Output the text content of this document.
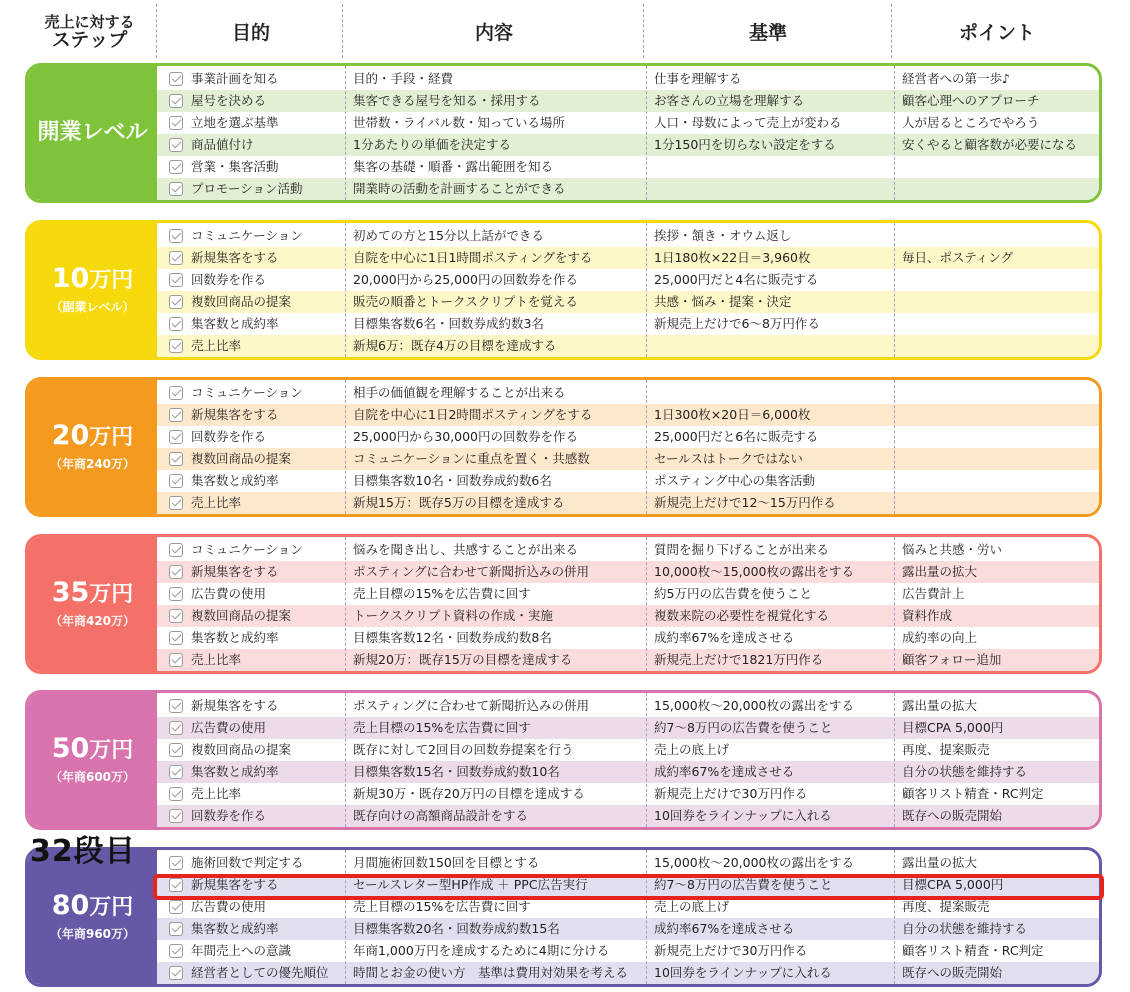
売上に対する
ステップ	目的	内容	基準	ポイント
開業レベル
事業計画を知る	目的・手段・経費	仕事を理解する	経営者への第一歩♪
屋号を決める	集客できる屋号を知る・採用する	お客さんの立場を理解する	顧客心理へのアプローチ
立地を選ぶ基準	世帯数・ライバル数・知っている場所	人口・母数によって売上が変わる	人が居るところでやろう
商品値付け	1分あたりの単価を決定する	1分150円を切らない設定をする	安くやると顧客数が必要になる
営業・集客活動	集客の基礎・順番・露出範囲を知る
プロモーション活動	開業時の活動を計画することができる
10万円
（副業レベル）
コミュニケーション	初めての方と15分以上話ができる	挨拶・頷き・オウム返し
新規集客をする	自院を中心に1日1時間ポスティングをする	1日180枚×22日＝3,960枚	毎日、ポスティング
回数券を作る	20,000円から25,000円の回数券を作る	25,000円だと4名に販売する
複数回商品の提案	販売の順番とトークスクリプトを覚える	共感・悩み・提案・決定
集客数と成約率	目標集客数6名・回数券成約数3名	新規売上だけで6〜8万円作る
売上比率	新規6万：既存4万の目標を達成する
20万円
（年商240万）
コミュニケーション	相手の価値観を理解することが出来る
新規集客をする	自院を中心に1日2時間ポスティングをする	1日300枚×20日＝6,000枚
回数券を作る	25,000円から30,000円の回数券を作る	25,000円だと6名に販売する
複数回商品の提案	コミュニケーションに重点を置く・共感数	セールスはトークではない
集客数と成約率	目標集客数10名・回数券成約数6名	ポスティング中心の集客活動
売上比率	新規15万：既存5万の目標を達成する	新規売上だけで12〜15万円作る
35万円
（年商420万）
コミュニケーション	悩みを聞き出し、共感することが出来る	質問を掘り下げることが出来る	悩みと共感・労い
新規集客をする	ポスティングに合わせて新聞折込みの併用	10,000枚〜15,000枚の露出をする	露出量の拡大
広告費の使用	売上目標の15%を広告費に回す	約5万円の広告費を使うこと	広告費計上
複数回商品の提案	トークスクリプト資料の作成・実施	複数来院の必要性を視覚化する	資料作成
集客数と成約率	目標集客数12名・回数券成約数8名	成約率67%を達成させる	成約率の向上
売上比率	新規20万：既存15万の目標を達成する	新規売上だけで1821万円作る	顧客フォロー追加
50万円
（年商600万）
新規集客をする	ポスティングに合わせて新聞折込みの併用	15,000枚〜20,000枚の露出をする	露出量の拡大
広告費の使用	売上目標の15%を広告費に回す	約7〜8万円の広告費を使うこと	目標CPA 5,000円
複数回商品の提案	既存に対して2回目の回数券提案を行う	売上の底上げ	再度、提案販売
集客数と成約率	目標集客数15名・回数券成約数10名	成約率67%を達成させる	自分の状態を維持する
売上比率	新規30万・既存20万円の目標を達成する	新規売上だけで30万円作る	顧客リスト精査・RC判定
回数券を作る	既存向けの高額商品設計をする	10回券をラインナップに入れる	既存への販売開始
80万円
（年商960万）
施術回数で判定する	月間施術回数150回を目標とする	15,000枚〜20,000枚の露出をする	露出量の拡大
新規集客をする	セールスレター型HP作成 ＋ PPC広告実行	約7〜8万円の広告費を使うこと	目標CPA 5,000円
広告費の使用	売上目標の15%を広告費に回す	売上の底上げ	再度、提案販売
集客数と成約率	目標集客数20名・回数券成約数15名	成約率67%を達成させる	自分の状態を維持する
年間売上への意識	年商1,000万円を達成するために4期に分ける	新規売上だけで30万円作る	顧客リスト精査・RC判定
経営者としての優先順位	時間とお金の使い方　基準は費用対効果を考える	10回券をラインナップに入れる	既存への販売開始
32段目
